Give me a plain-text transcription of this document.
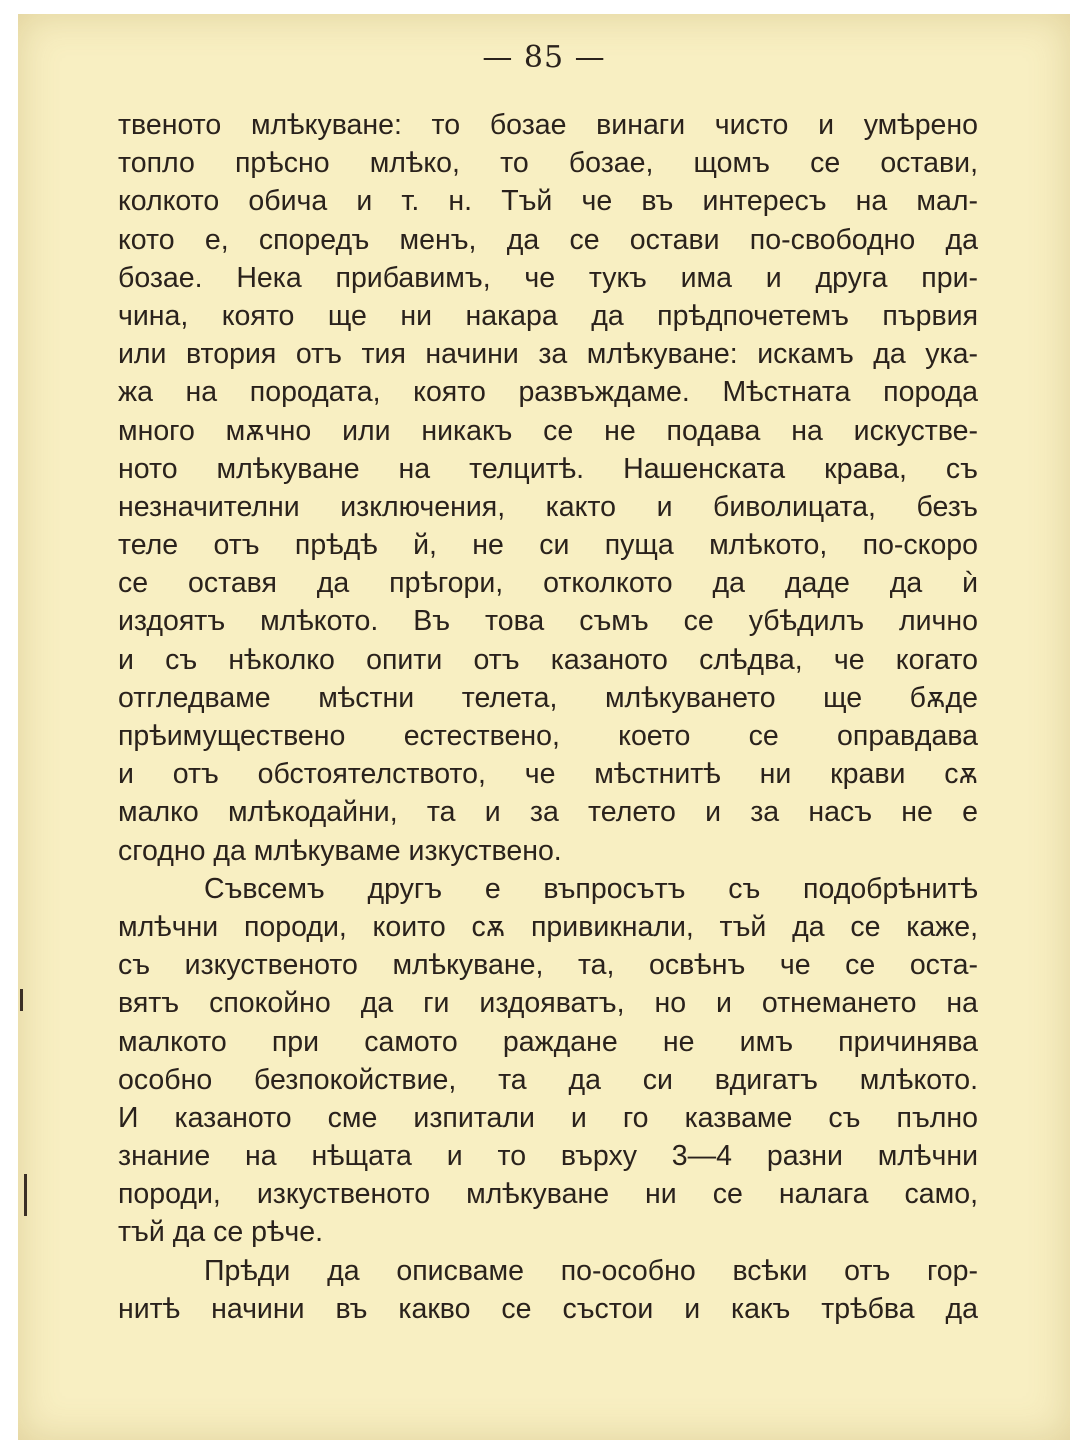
— 85 —
твеното млѣкуване: то бозае винаги чисто и умѣрено
топло прѣсно млѣко, то бозае, щомъ се остави,
колкото обича и т. н. Тъй че въ интересъ на мал-
кото е, споредъ менъ, да се остави по-свободно да
бозае. Нека прибавимъ, че тукъ има и друга при-
чина, която ще ни накара да прѣдпочетемъ първия
или втория отъ тия начини за млѣкуване: искамъ да ука-
жа на породата, която развъждаме. Мѣстната порода
много мѫчно или никакъ се не подава на искустве-
ното млѣкуване на телцитѣ. Нашенската крава, съ
незначителни изключения, както и биволицата, безъ
теле отъ прѣдѣ й, не си пуща млѣкото, по-скоро
се оставя да прѣгори, отколкото да даде да ѝ
издоятъ млѣкото. Въ това съмъ се убѣдилъ лично
и съ нѣколко опити отъ казаното слѣдва, че когато
отгледваме мѣстни телета, млѣкуването ще бѫде
прѣимуществено естествено, което се оправдава
и отъ обстоятелството, че мѣстнитѣ ни крави сѫ
малко млѣкодайни, та и за телето и за насъ не е
сгодно да млѣкуваме изкуствено.
Съвсемъ другъ е въпросътъ съ подобрѣнитѣ
млѣчни породи, които сѫ привикнали, тъй да се каже,
съ изкуственото млѣкуване, та, освѣнъ че се оста-
вятъ спокойно да ги издояватъ, но и отнемането на
малкото при самото раждане не имъ причинява
особно безпокойствие, та да си вдигатъ млѣкото.
И казаното сме изпитали и го казваме съ пълно
знание на нѣщата и то върху 3—4 разни млѣчни
породи, изкуственото млѣкуване ни се налага само,
тъй да се рѣче.
Прѣди да описваме по-особно всѣки отъ гор-
нитѣ начини въ какво се състои и какъ трѣбва да
